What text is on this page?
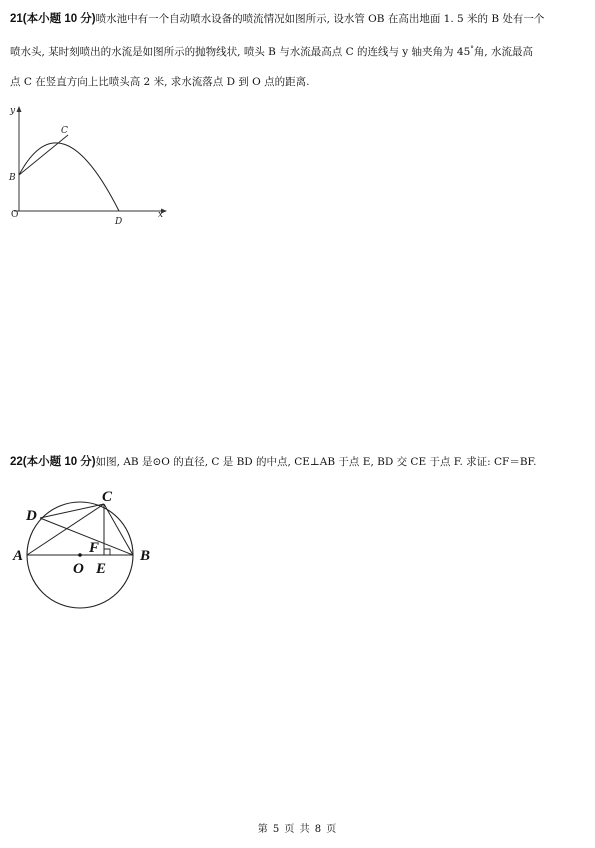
21(本小题 10 分)喷水池中有一个自动喷水设备的喷流情况如图所示, 设水管 OB 在高出地面 1. 5 米的 B 处有一个
喷水头, 某时刻喷出的水流是如图所示的抛物线状, 喷头 B 与水流最高点 C 的连线与 y 轴夹角为 45°角, 水流最高
点 C 在竖直方向上比喷头高 2 米, 求水流落点 D 到 O 点的距离.
y
C
B
O
D
x
22(本小题 10 分)如图, AB 是⊙O 的直径, C 是 BD 的中点, CE⊥AB 于点 E, BD 交 CE 于点 F. 求证: CF＝BF.
C
D
A	F	B
O E
第 5 页 共 8 页
